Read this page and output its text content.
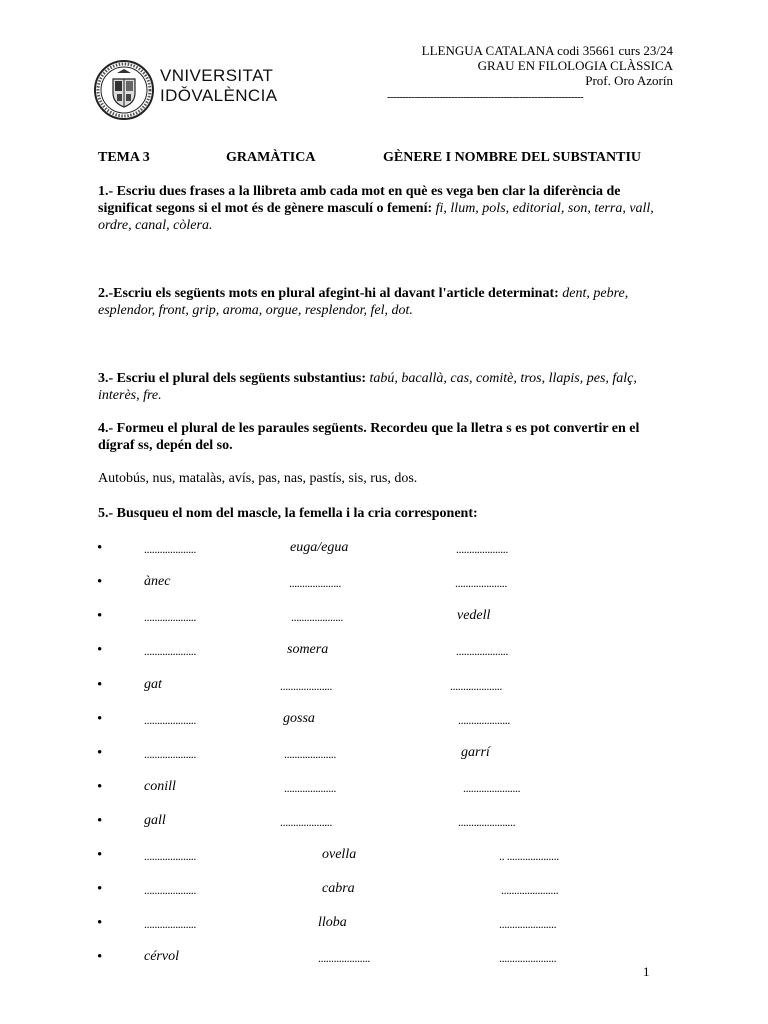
VNIVERSITAT
IDǑVALÈNCIA
LLENGUA CATALANA codi 35661 curs 23/24
GRAU EN FILOLOGIA CLÀSSICA
Prof. Oro Azorín
----------------------------------------------------------------
TEMA 3	GRAMÀTICA	GÈNERE I NOMBRE DEL SUBSTANTIU
1.- Escriu dues frases a la llibreta amb cada mot en què es vega ben clar la diferència de significat segons si el mot és de gènere masculí o femení: fi, llum, pols, editorial, son, terra, vall, ordre, canal, còlera.
2.-Escriu els següents mots en plural afegint-hi al davant l'article determinat: dent, pebre, esplendor, front, grip, aroma, orgue, resplendor, fel, dot.
3.- Escriu el plural dels següents substantius: tabú, bacallà, cas, comitè, tros, llapis, pes, falç, interès, fre.
4.- Formeu el plural de les paraules següents. Recordeu que la lletra s es pot convertir en el dígraf ss, depén del so.
Autobús, nus, matalàs, avís, pas, nas, pastís, sis, rus, dos.
5.- Busqueu el nom del mascle, la femella i la cria corresponent:
•	....................	euga/egua	....................
•	ànec	....................	....................
•	....................	....................	vedell
•	....................	somera	....................
•	gat	....................	....................
•	....................	gossa	....................
•	....................	....................	garrí
•	conill	....................	......................
•	gall	....................	......................
•	....................	ovella	.. ....................
•	....................	cabra	......................
•	....................	lloba	......................
•	cérvol	....................	......................
1
